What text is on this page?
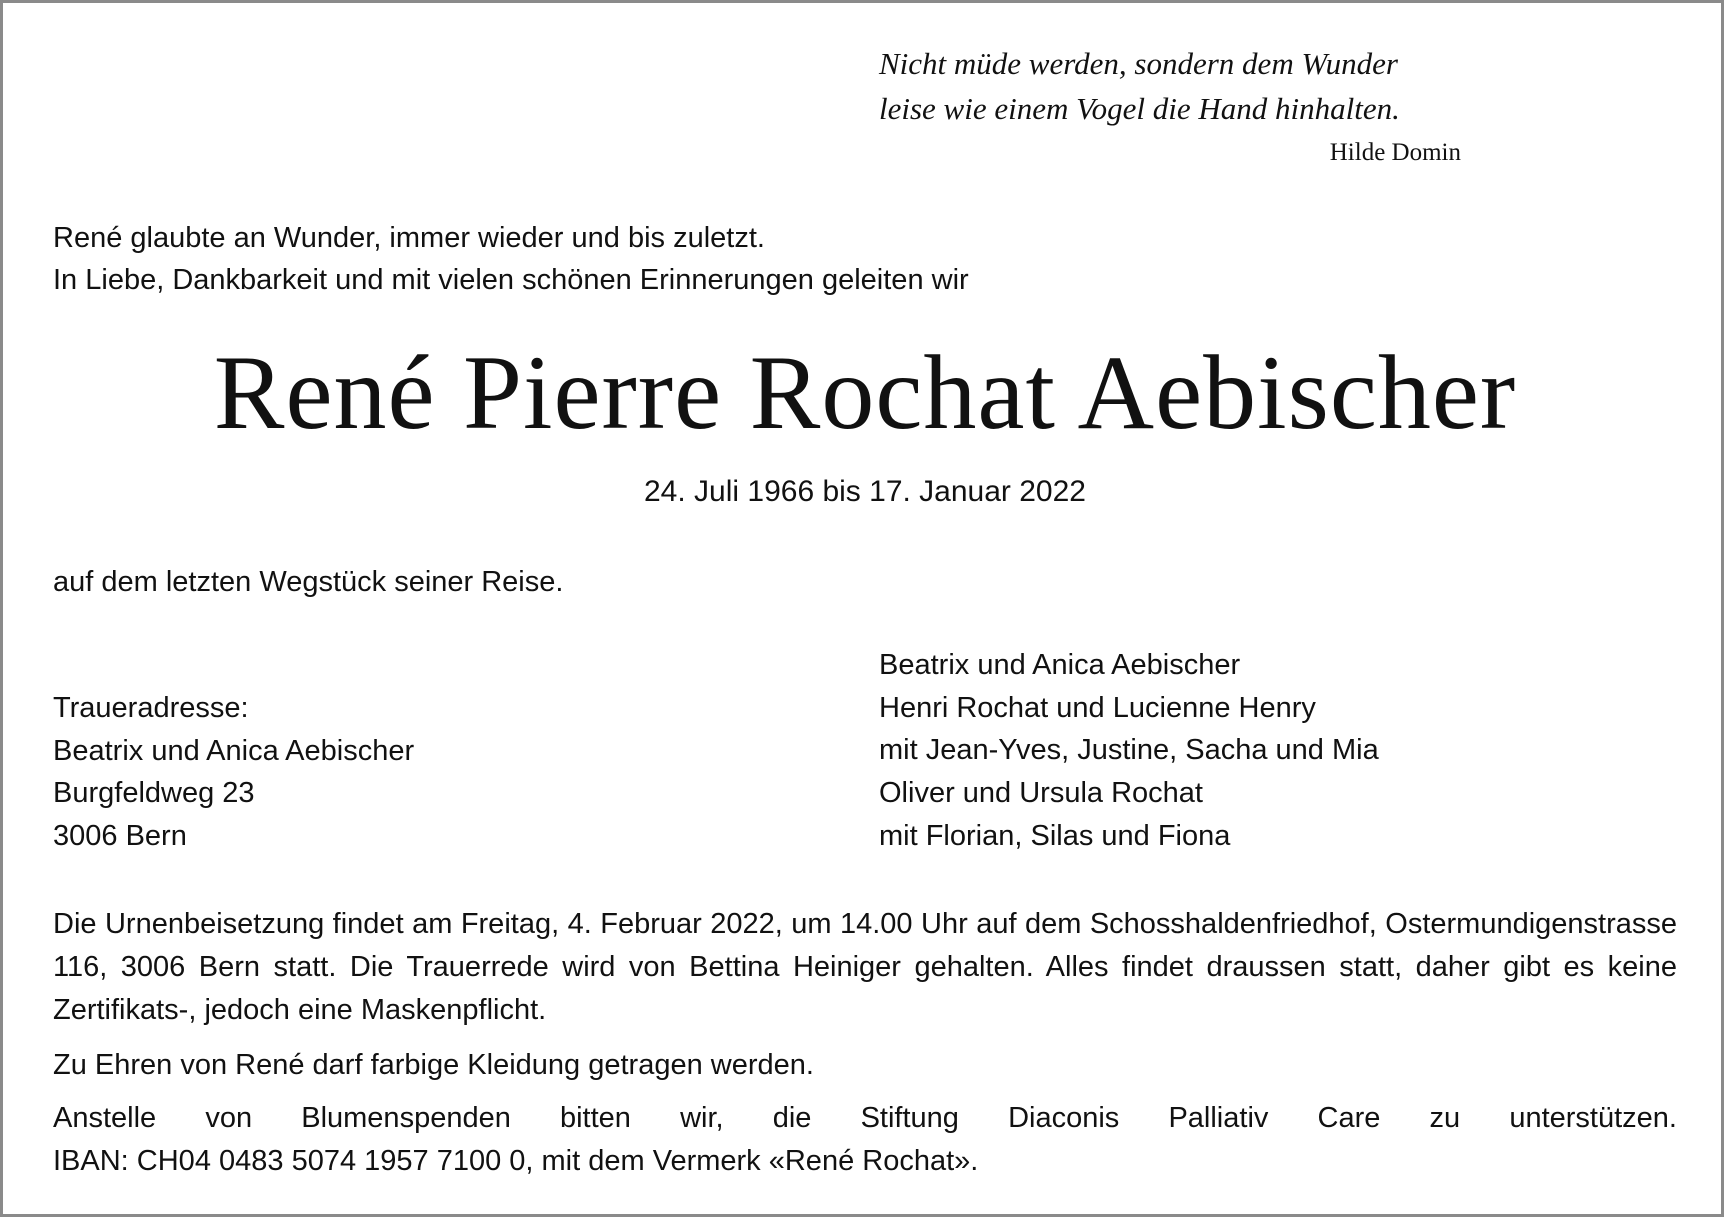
Nicht müde werden, sondern dem Wunder
leise wie einem Vogel die Hand hinhalten.
Hilde Domin
René glaubte an Wunder, immer wieder und bis zuletzt.
In Liebe, Dankbarkeit und mit vielen schönen Erinnerungen geleiten wir
René Pierre Rochat Aebischer
24. Juli 1966 bis 17. Januar 2022
auf dem letzten Wegstück seiner Reise.
Traueradresse:
Beatrix und Anica Aebischer
Burgfeldweg 23
3006 Bern
Beatrix und Anica Aebischer
Henri Rochat und Lucienne Henry
mit Jean-Yves, Justine, Sacha und Mia
Oliver und Ursula Rochat
mit Florian, Silas und Fiona

Die Urnenbeisetzung findet am Freitag, 4. Februar 2022, um 14.00 Uhr auf dem Schosshaldenfriedhof, Ostermundigenstrasse 116, 3006 Bern statt. Die Trauerrede wird von Bettina Heiniger gehalten. Alles findet draussen statt, daher gibt es keine Zertifikats-, jedoch eine Maskenpflicht.

Zu Ehren von René darf farbige Kleidung getragen werden.

Anstelle von Blumenspenden bitten wir, die Stiftung Diaconis Palliativ Care zu unterstützen.
IBAN: CH04 0483 5074 1957 7100 0, mit dem Vermerk «René Rochat».
